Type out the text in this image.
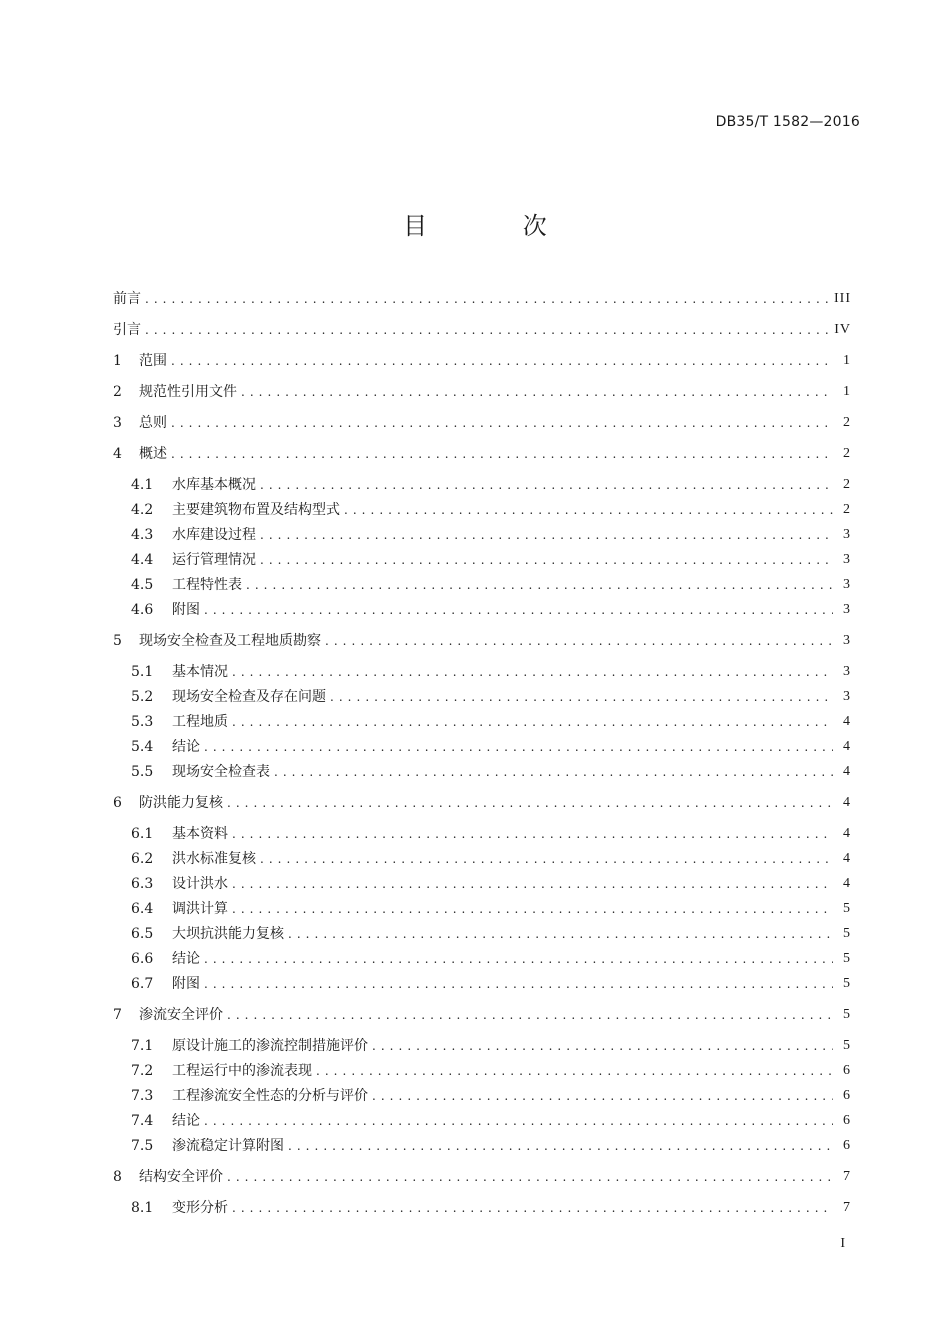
DB35/T 1582—2016
目 次
前言 . . .	III
引言 . . .	IV
1	范围 . . .	1
2	规范性引用文件 . . .	1
3	总则 . . .	2
4	概述 . . .	2
4.1	水库基本概况 . . .	2
4.2	主要建筑物布置及结构型式 . . .	2
4.3	水库建设过程 . . .	3
4.4	运行管理情况 . . .	3
4.5	工程特性表 . . .	3
4.6	附图 . . .	3
5	现场安全检查及工程地质勘察 . . .	3
5.1	基本情况 . . .	3
5.2	现场安全检查及存在问题 . . .	3
5.3	工程地质 . . .	4
5.4	结论 . . .	4
5.5	现场安全检查表 . . .	4
6	防洪能力复核 . . .	4
6.1	基本资料 . . .	4
6.2	洪水标准复核 . . .	4
6.3	设计洪水 . . .	4
6.4	调洪计算 . . .	5
6.5	大坝抗洪能力复核 . . .	5
6.6	结论 . . .	5
6.7	附图 . . .	5
7	渗流安全评价 . . .	5
7.1	原设计施工的渗流控制措施评价 . . .	5
7.2	工程运行中的渗流表现 . . .	6
7.3	工程渗流安全性态的分析与评价 . . .	6
7.4	结论 . . .	6
7.5	渗流稳定计算附图 . . .	6
8	结构安全评价 . . .	7
8.1	变形分析 . . .	7
I
